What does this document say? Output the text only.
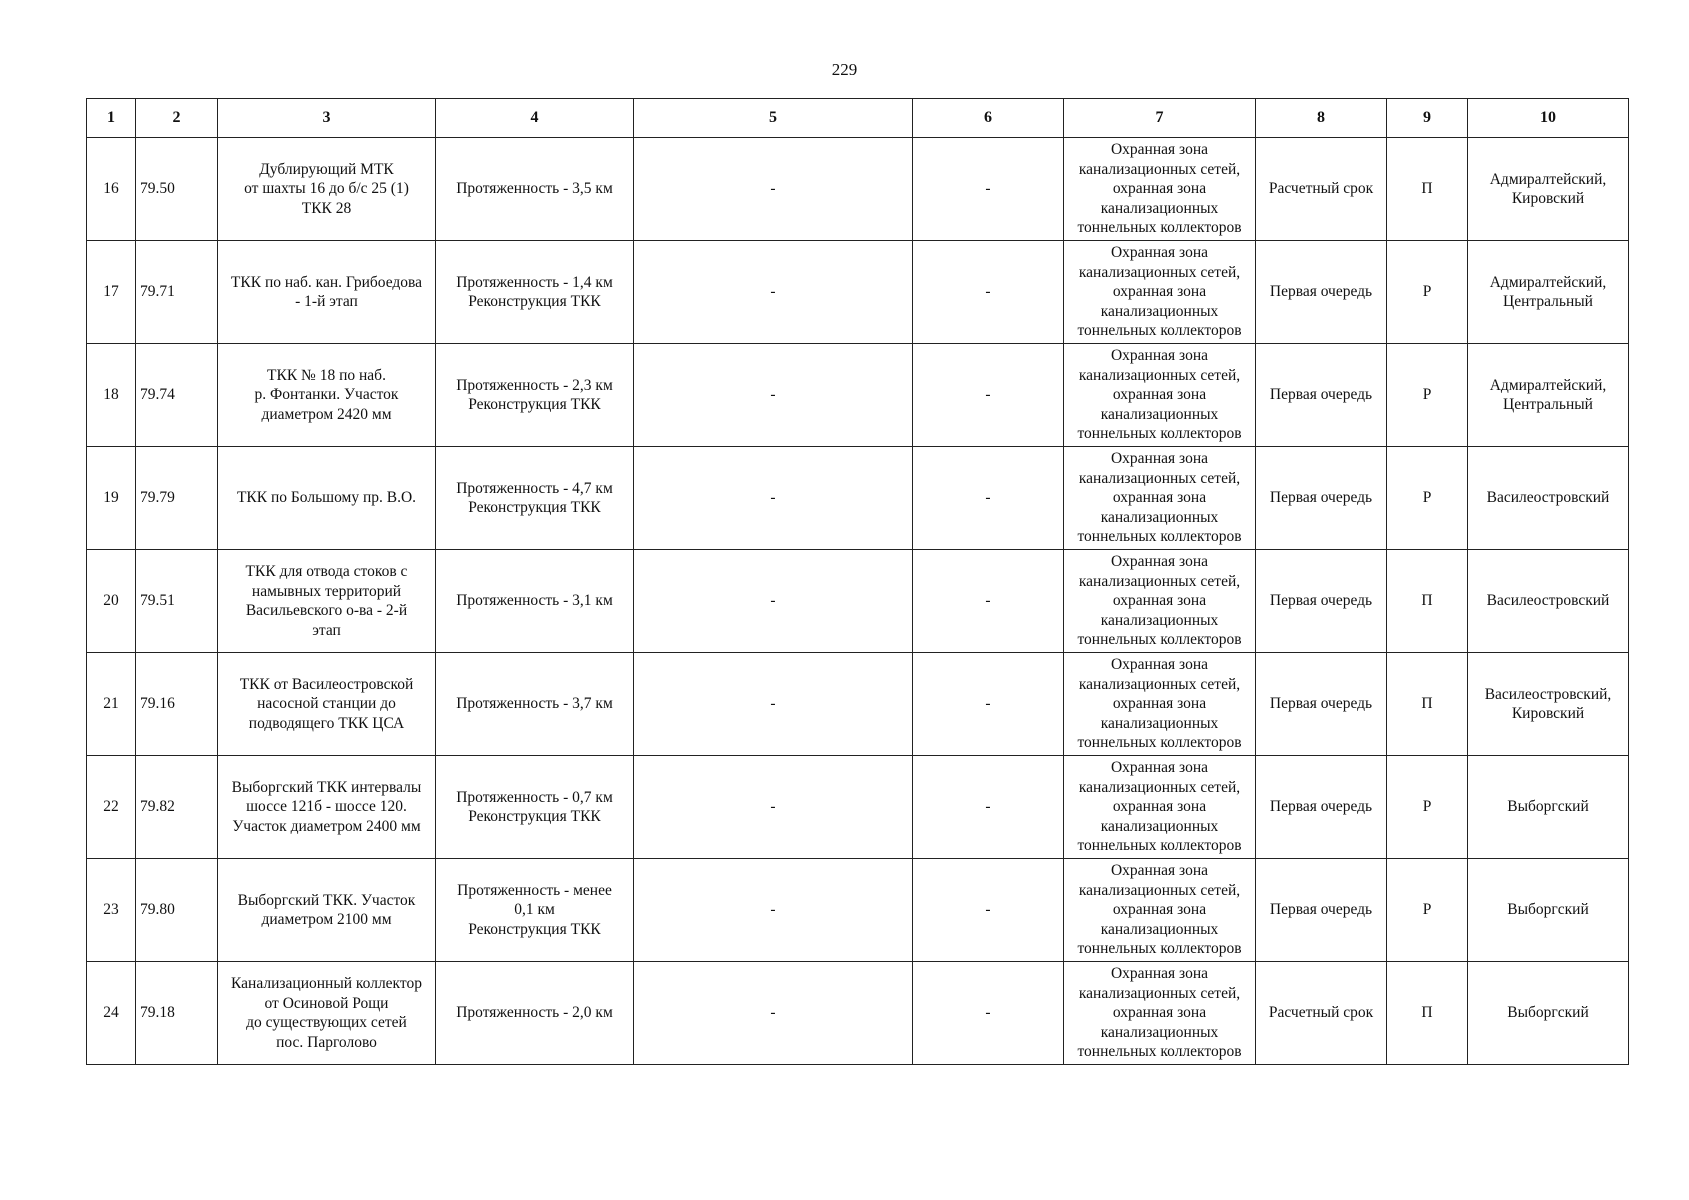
229
1	2	3	4	5	6	7	8	9	10
16	79.50	Дублирующий МТК
от шахты 16 до б/с 25 (1)
ТКК 28	Протяженность - 3,5 км	-	-	Охранная зона
канализационных сетей,
охранная зона
канализационных
тоннельных коллекторов	Расчетный срок	П	Адмиралтейский,
Кировский
17	79.71	ТКК по наб. кан. Грибоедова
- 1-й этап	Протяженность - 1,4 км
Реконструкция ТКК	-	-	Охранная зона
канализационных сетей,
охранная зона
канализационных
тоннельных коллекторов	Первая очередь	Р	Адмиралтейский,
Центральный
18	79.74	ТКК № 18 по наб.
р. Фонтанки. Участок
диаметром 2420 мм	Протяженность - 2,3 км
Реконструкция ТКК	-	-	Охранная зона
канализационных сетей,
охранная зона
канализационных
тоннельных коллекторов	Первая очередь	Р	Адмиралтейский,
Центральный
19	79.79	ТКК по Большому пр. В.О.	Протяженность - 4,7 км
Реконструкция ТКК	-	-	Охранная зона
канализационных сетей,
охранная зона
канализационных
тоннельных коллекторов	Первая очередь	Р	Василеостровский
20	79.51	ТКК для отвода стоков с
намывных территорий
Васильевского о-ва - 2-й
этап	Протяженность - 3,1 км	-	-	Охранная зона
канализационных сетей,
охранная зона
канализационных
тоннельных коллекторов	Первая очередь	П	Василеостровский
21	79.16	ТКК от Василеостровской
насосной станции до
подводящего ТКК ЦСА	Протяженность - 3,7 км	-	-	Охранная зона
канализационных сетей,
охранная зона
канализационных
тоннельных коллекторов	Первая очередь	П	Василеостровский,
Кировский
22	79.82	Выборгский ТКК интервалы
шоссе 121б - шоссе 120.
Участок диаметром 2400 мм	Протяженность - 0,7 км
Реконструкция ТКК	-	-	Охранная зона
канализационных сетей,
охранная зона
канализационных
тоннельных коллекторов	Первая очередь	Р	Выборгский
23	79.80	Выборгский ТКК. Участок
диаметром 2100 мм	Протяженность - менее
0,1 км
Реконструкция ТКК	-	-	Охранная зона
канализационных сетей,
охранная зона
канализационных
тоннельных коллекторов	Первая очередь	Р	Выборгский
24	79.18	Канализационный коллектор
от Осиновой Рощи
до существующих сетей
пос. Парголово	Протяженность - 2,0 км	-	-	Охранная зона
канализационных сетей,
охранная зона
канализационных
тоннельных коллекторов	Расчетный срок	П	Выборгский
